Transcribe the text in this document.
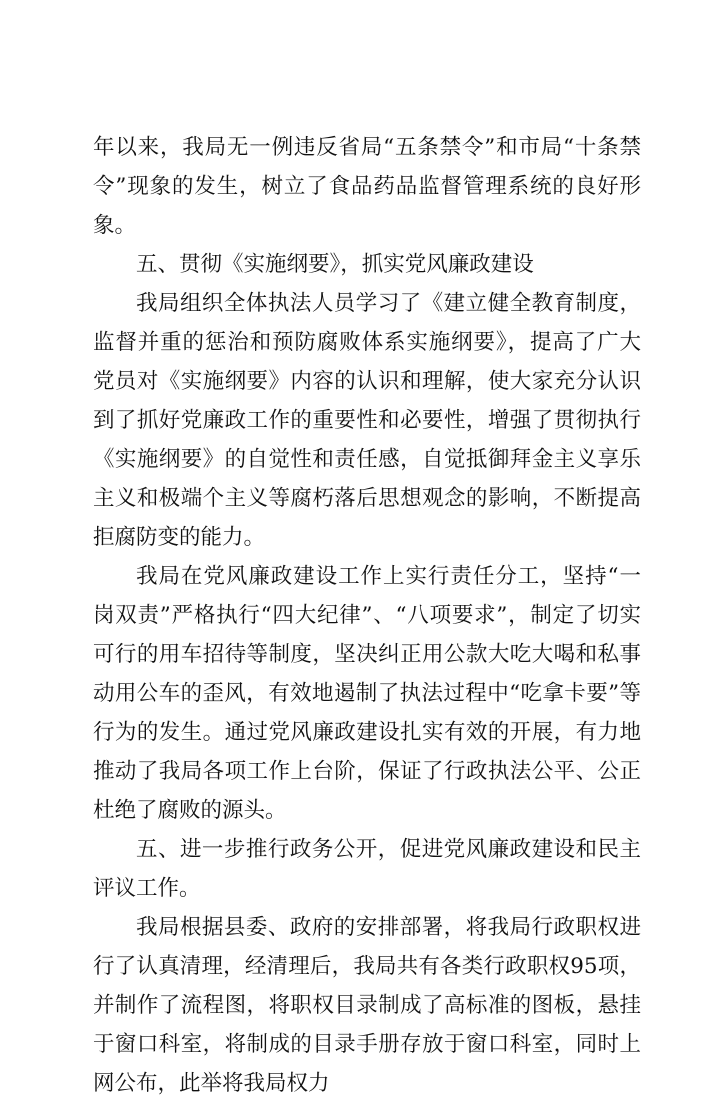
年以来，我局无一例违反省局“五条禁令”和市局“十条禁令”现象的发生，树立了食品药品监督管理系统的良好形象。

五、贯彻《实施纲要》，抓实党风廉政建设

我局组织全体执法人员学习了《建立健全教育制度，监督并重的惩治和预防腐败体系实施纲要》，提高了广大党员对《实施纲要》内容的认识和理解，使大家充分认识到了抓好党廉政工作的重要性和必要性，增强了贯彻执行《实施纲要》的自觉性和责任感，自觉抵御拜金主义享乐主义和极端个主义等腐朽落后思想观念的影响，不断提高拒腐防变的能力。

我局在党风廉政建设工作上实行责任分工，坚持“一岗双责”严格执行“四大纪律”、“八项要求”，制定了切实可行的用车招待等制度，坚决纠正用公款大吃大喝和私事动用公车的歪风，有效地遏制了执法过程中“吃拿卡要”等行为的发生。通过党风廉政建设扎实有效的开展，有力地推动了我局各项工作上台阶，保证了行政执法公平、公正杜绝了腐败的源头。

五、进一步推行政务公开，促进党风廉政建设和民主评议工作。

我局根据县委、政府的安排部署，将我局行政职权进行了认真清理，经清理后，我局共有各类行政职权95项，并制作了流程图，将职权目录制成了高标准的图板，悬挂于窗口科室，将制成的目录手册存放于窗口科室，同时上网公布，此举将我局权力
